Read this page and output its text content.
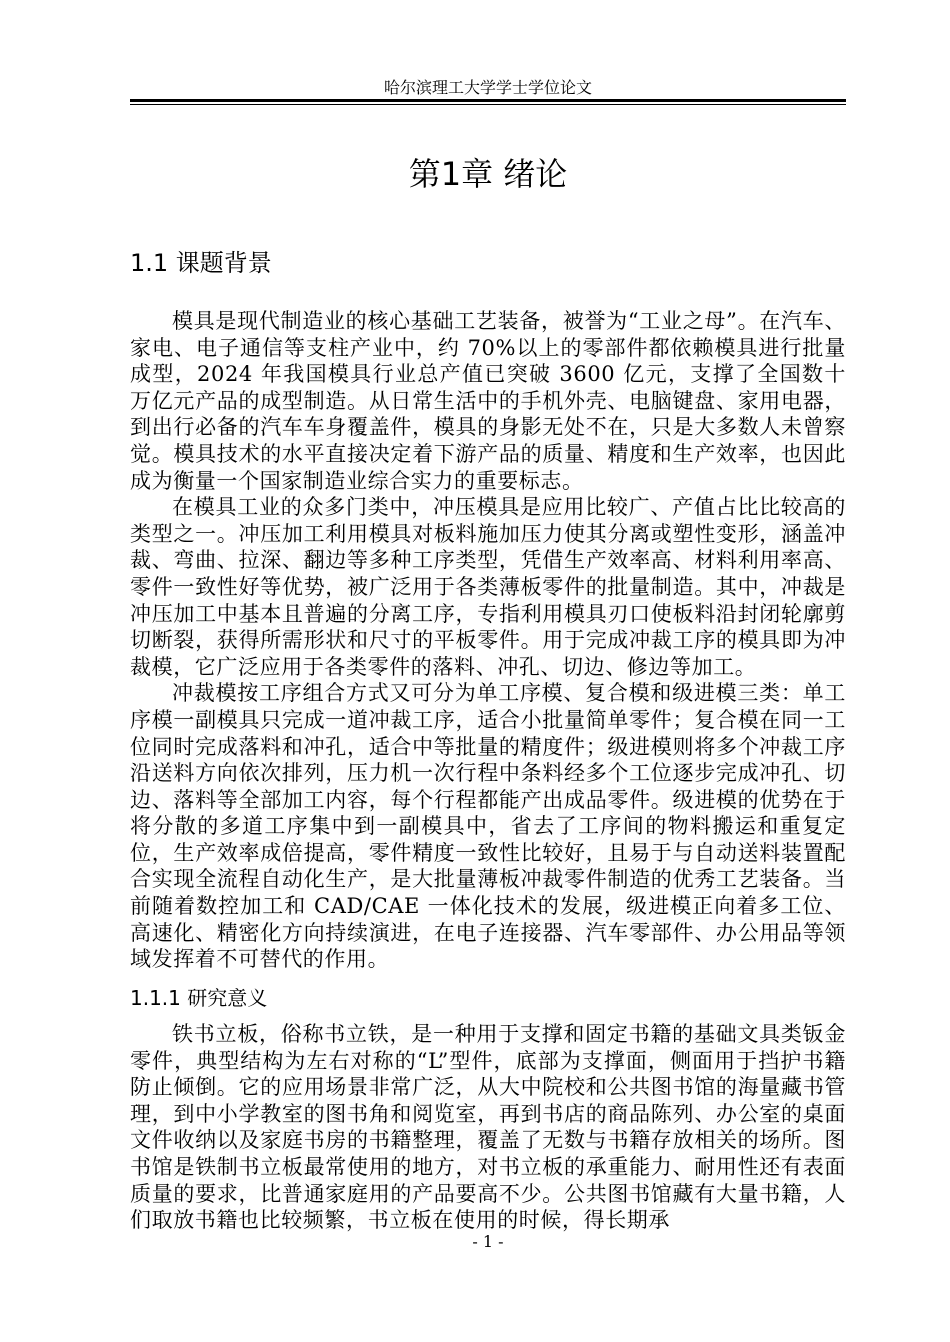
哈尔滨理工大学学士学位论文
第1章 绪论
1.1 课题背景

模具是现代制造业的核心基础工艺装备，被誉为“工业之母”。在汽车、家电、电子通信等支柱产业中，约 70%以上的零部件都依赖模具进行批量成型，2024 年我国模具行业总产值已突破 3600 亿元，支撑了全国数十万亿元产品的成型制造。从日常生活中的手机外壳、电脑键盘、家用电器，到出行必备的汽车车身覆盖件，模具的身影无处不在，只是大多数人未曾察觉。模具技术的水平直接决定着下游产品的质量、精度和生产效率，也因此成为衡量一个国家制造业综合实力的重要标志。

在模具工业的众多门类中，冲压模具是应用比较广、产值占比比较高的类型之一。冲压加工利用模具对板料施加压力使其分离或塑性变形，涵盖冲裁、弯曲、拉深、翻边等多种工序类型，凭借生产效率高、材料利用率高、零件一致性好等优势，被广泛用于各类薄板零件的批量制造。其中，冲裁是冲压加工中基本且普遍的分离工序，专指利用模具刃口使板料沿封闭轮廓剪切断裂，获得所需形状和尺寸的平板零件。用于完成冲裁工序的模具即为冲裁模，它广泛应用于各类零件的落料、冲孔、切边、修边等加工。

冲裁模按工序组合方式又可分为单工序模、复合模和级进模三类：单工序模一副模具只完成一道冲裁工序，适合小批量简单零件；复合模在同一工位同时完成落料和冲孔，适合中等批量的精度件；级进模则将多个冲裁工序沿送料方向依次排列，压力机一次行程中条料经多个工位逐步完成冲孔、切边、落料等全部加工内容，每个行程都能产出成品零件。级进模的优势在于将分散的多道工序集中到一副模具中，省去了工序间的物料搬运和重复定位，生产效率成倍提高，零件精度一致性比较好，且易于与自动送料装置配合实现全流程自动化生产，是大批量薄板冲裁零件制造的优秀工艺装备。当前随着数控加工和 CAD/CAE 一体化技术的发展，级进模正向着多工位、高速化、精密化方向持续演进，在电子连接器、汽车零部件、办公用品等领域发挥着不可替代的作用。

1.1.1 研究意义

铁书立板，俗称书立铁，是一种用于支撑和固定书籍的基础文具类钣金零件，典型结构为左右对称的“L”型件，底部为支撑面，侧面用于挡护书籍防止倾倒。它的应用场景非常广泛，从大中院校和公共图书馆的海量藏书管理，到中小学教室的图书角和阅览室，再到书店的商品陈列、办公室的桌面文件收纳以及家庭书房的书籍整理，覆盖了无数与书籍存放相关的场所。图书馆是铁制书立板最常使用的地方，对书立板的承重能力、耐用性还有表面质量的要求，比普通家庭用的产品要高不少。公共图书馆藏有大量书籍，人们取放书籍也比较频繁，书立板在使用的时候，得长期承

- 1 -
